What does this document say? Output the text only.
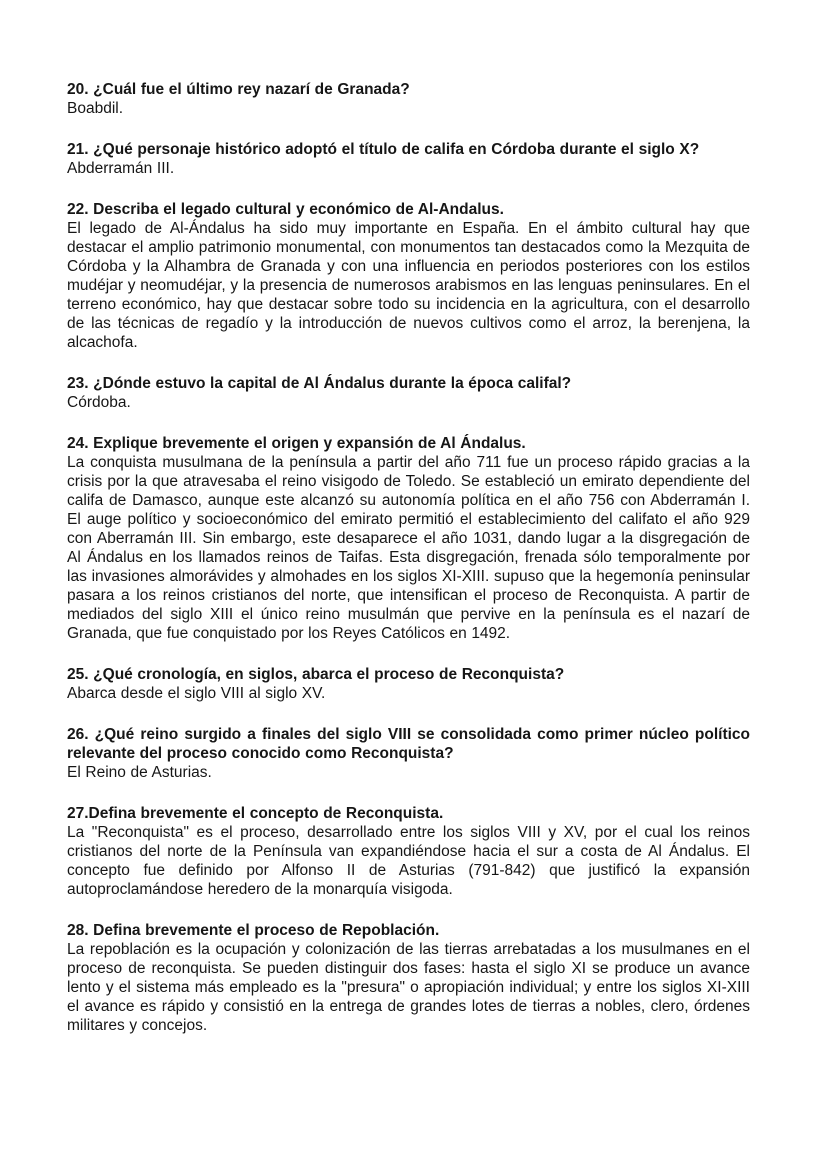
20. ¿Cuál fue el último rey nazarí de Granada?

Boabdil.

21. ¿Qué personaje histórico adoptó el título de califa en Córdoba durante el siglo X?

Abderramán III.

22. Describa el legado cultural y económico de Al-Andalus.

El legado de Al-Ándalus ha sido muy importante en España. En el ámbito cultural hay que destacar el amplio patrimonio monumental, con monumentos tan destacados como la Mezquita de Córdoba y la Alhambra de Granada y con una influencia en periodos posteriores con los estilos mudéjar y neomudéjar, y la presencia de numerosos arabismos en las lenguas peninsulares. En el terreno económico, hay que destacar sobre todo su incidencia en la agricultura, con el desarrollo de las técnicas de regadío y la introducción de nuevos cultivos como el arroz, la berenjena, la alcachofa.

23. ¿Dónde estuvo la capital de Al Ándalus durante la época califal?

Córdoba.

24. Explique brevemente el origen y expansión de Al Ándalus.

La conquista musulmana de la península a partir del año 711 fue un proceso rápido gracias a la crisis por la que atravesaba el reino visigodo de Toledo. Se estableció un emirato dependiente del califa de Damasco, aunque este alcanzó su autonomía política en el año 756 con Abderramán I. El auge político y socioeconómico del emirato permitió el establecimiento del califato el año 929 con Aberramán III. Sin embargo, este desaparece el año 1031, dando lugar a la disgregación de Al Ándalus en los llamados reinos de Taifas. Esta disgregación, frenada sólo temporalmente por las invasiones almorávides y almohades en los siglos XI-XIII. supuso que la hegemonía peninsular pasara a los reinos cristianos del norte, que intensifican el proceso de Reconquista. A partir de mediados del siglo XIII el único reino musulmán que pervive en la península es el nazarí de Granada, que fue conquistado por los Reyes Católicos en 1492.

25. ¿Qué cronología, en siglos, abarca el proceso de Reconquista?

Abarca desde el siglo VIII al siglo XV.

26. ¿Qué reino surgido a finales del siglo VIII se consolidada como primer núcleo político relevante del proceso conocido como Reconquista?

El Reino de Asturias.

27.Defina brevemente el concepto de Reconquista.

La "Reconquista" es el proceso, desarrollado entre los siglos VIII y XV, por el cual los reinos cristianos del norte de la Península van expandiéndose hacia el sur a costa de Al Ándalus. El concepto fue definido por Alfonso II de Asturias (791-842) que justificó la expansión autoproclamándose heredero de la monarquía visigoda.

28. Defina brevemente el proceso de Repoblación.

La repoblación es la ocupación y colonización de las tierras arrebatadas a los musulmanes en el proceso de reconquista. Se pueden distinguir dos fases: hasta el siglo XI se produce un avance lento y el sistema más empleado es la "presura" o apropiación individual; y entre los siglos XI-XIII el avance es rápido y consistió en la entrega de grandes lotes de tierras a nobles, clero, órdenes militares y concejos.
